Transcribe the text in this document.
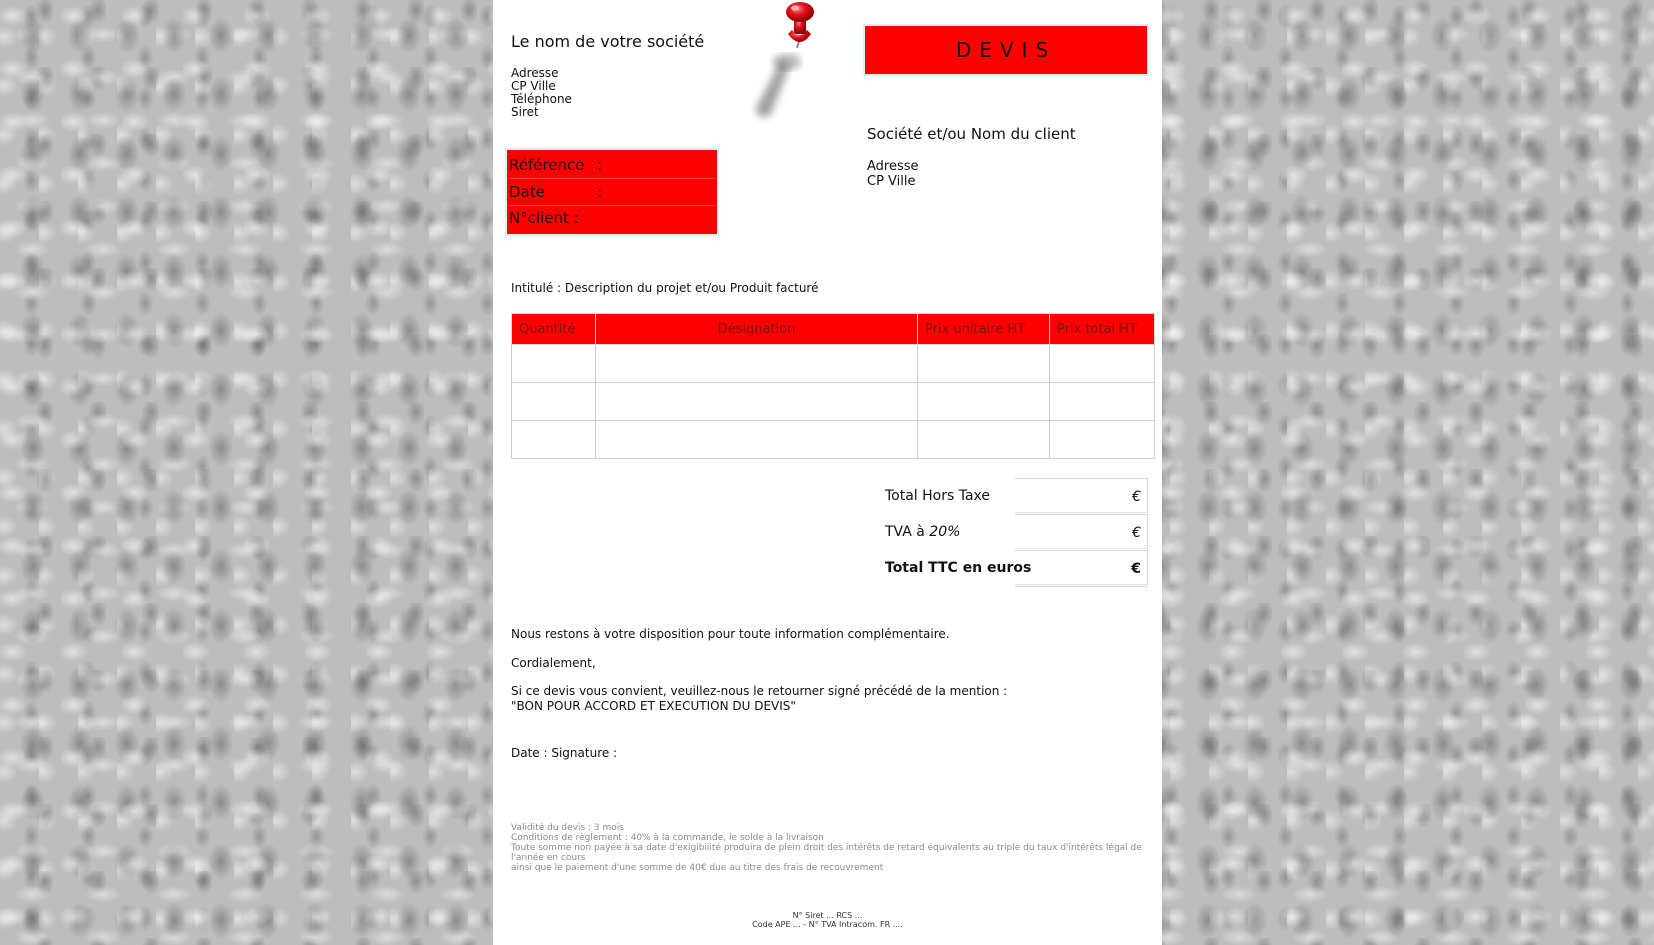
Le nom de votre société
Adresse
CP Ville
Téléphone
Siret
DEVIS
Référence :
Date	:
N°client :
Société et/ou Nom du client
Adresse
CP Ville
Intitulé : Description du projet et/ou Produit facturé
Quantité	Désignation	Prix unitaire HT	Prix total HT

Total Hors Taxe	€
TVA à 20%	€
Total TTC en euros	€
Nous restons à votre disposition pour toute information complémentaire.
Cordialement,
Si ce devis vous convient, veuillez-nous le retourner signé précédé de la mention :
"BON POUR ACCORD ET EXECUTION DU DEVIS"
Date : Signature :
Validité du devis : 3 mois
Conditions de règlement : 40% à la commande, le solde à la livraison
Toute somme non payée à sa date d'exigibilité produira de plein droit des intérêts de retard équivalents au triple du taux d'intérêts légal de l'année en cours
ainsi que le paiement d'une somme de 40€ due au titre des frais de recouvrement
N° Siret ... RCS ...
Code APE ... - N° TVA Intracom. FR ....
